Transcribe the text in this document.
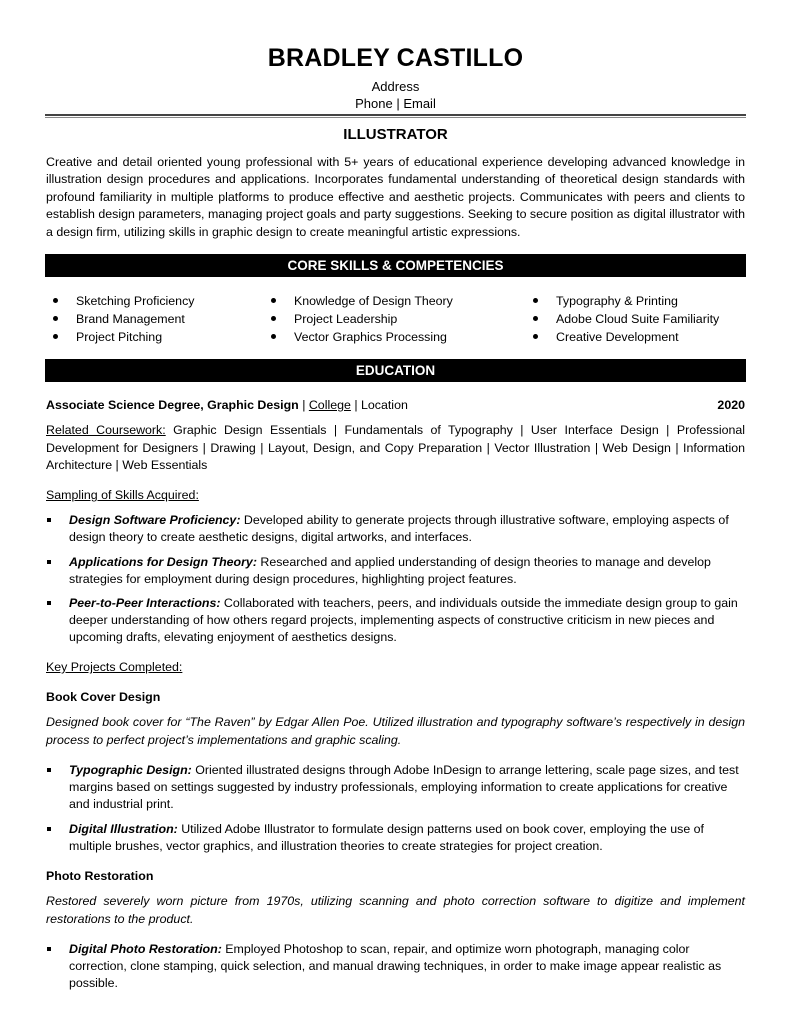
BRADLEY CASTILLO
Address
Phone | Email
ILLUSTRATOR
Creative and detail oriented young professional with 5+ years of educational experience developing advanced knowledge in illustration design procedures and applications. Incorporates fundamental understanding of theoretical design standards with profound familiarity in multiple platforms to produce effective and aesthetic projects. Communicates with peers and clients to establish design parameters, managing project goals and party suggestions. Seeking to secure position as digital illustrator with a design firm, utilizing skills in graphic design to create meaningful artistic expressions.
CORE SKILLS & COMPETENCIES
Sketching Proficiency
Brand Management
Project Pitching
Knowledge of Design Theory
Project Leadership
Vector Graphics Processing
Typography & Printing
Adobe Cloud Suite Familiarity
Creative Development
EDUCATION
Associate Science Degree, Graphic Design | College | Location	2020
Related Coursework: Graphic Design Essentials | Fundamentals of Typography | User Interface Design | Professional Development for Designers | Drawing | Layout, Design, and Copy Preparation | Vector Illustration | Web Design | Information Architecture | Web Essentials
Sampling of Skills Acquired:
Design Software Proficiency: Developed ability to generate projects through illustrative software, employing aspects of design theory to create aesthetic designs, digital artworks, and interfaces.
Applications for Design Theory: Researched and applied understanding of design theories to manage and develop strategies for employment during design procedures, highlighting project features.
Peer-to-Peer Interactions: Collaborated with teachers, peers, and individuals outside the immediate design group to gain deeper understanding of how others regard projects, implementing aspects of constructive criticism in new pieces and upcoming drafts, elevating enjoyment of aesthetics designs.
Key Projects Completed:
Book Cover Design
Designed book cover for “The Raven” by Edgar Allen Poe. Utilized illustration and typography software’s respectively in design process to perfect project’s implementations and graphic scaling.
Typographic Design: Oriented illustrated designs through Adobe InDesign to arrange lettering, scale page sizes, and test margins based on settings suggested by industry professionals, employing information to create applications for creative and industrial print.
Digital Illustration: Utilized Adobe Illustrator to formulate design patterns used on book cover, employing the use of multiple brushes, vector graphics, and illustration theories to create strategies for project creation.
Photo Restoration
Restored severely worn picture from 1970s, utilizing scanning and photo correction software to digitize and implement restorations to the product.
Digital Photo Restoration: Employed Photoshop to scan, repair, and optimize worn photograph, managing color correction, clone stamping, quick selection, and manual drawing techniques, in order to make image appear realistic as possible.
